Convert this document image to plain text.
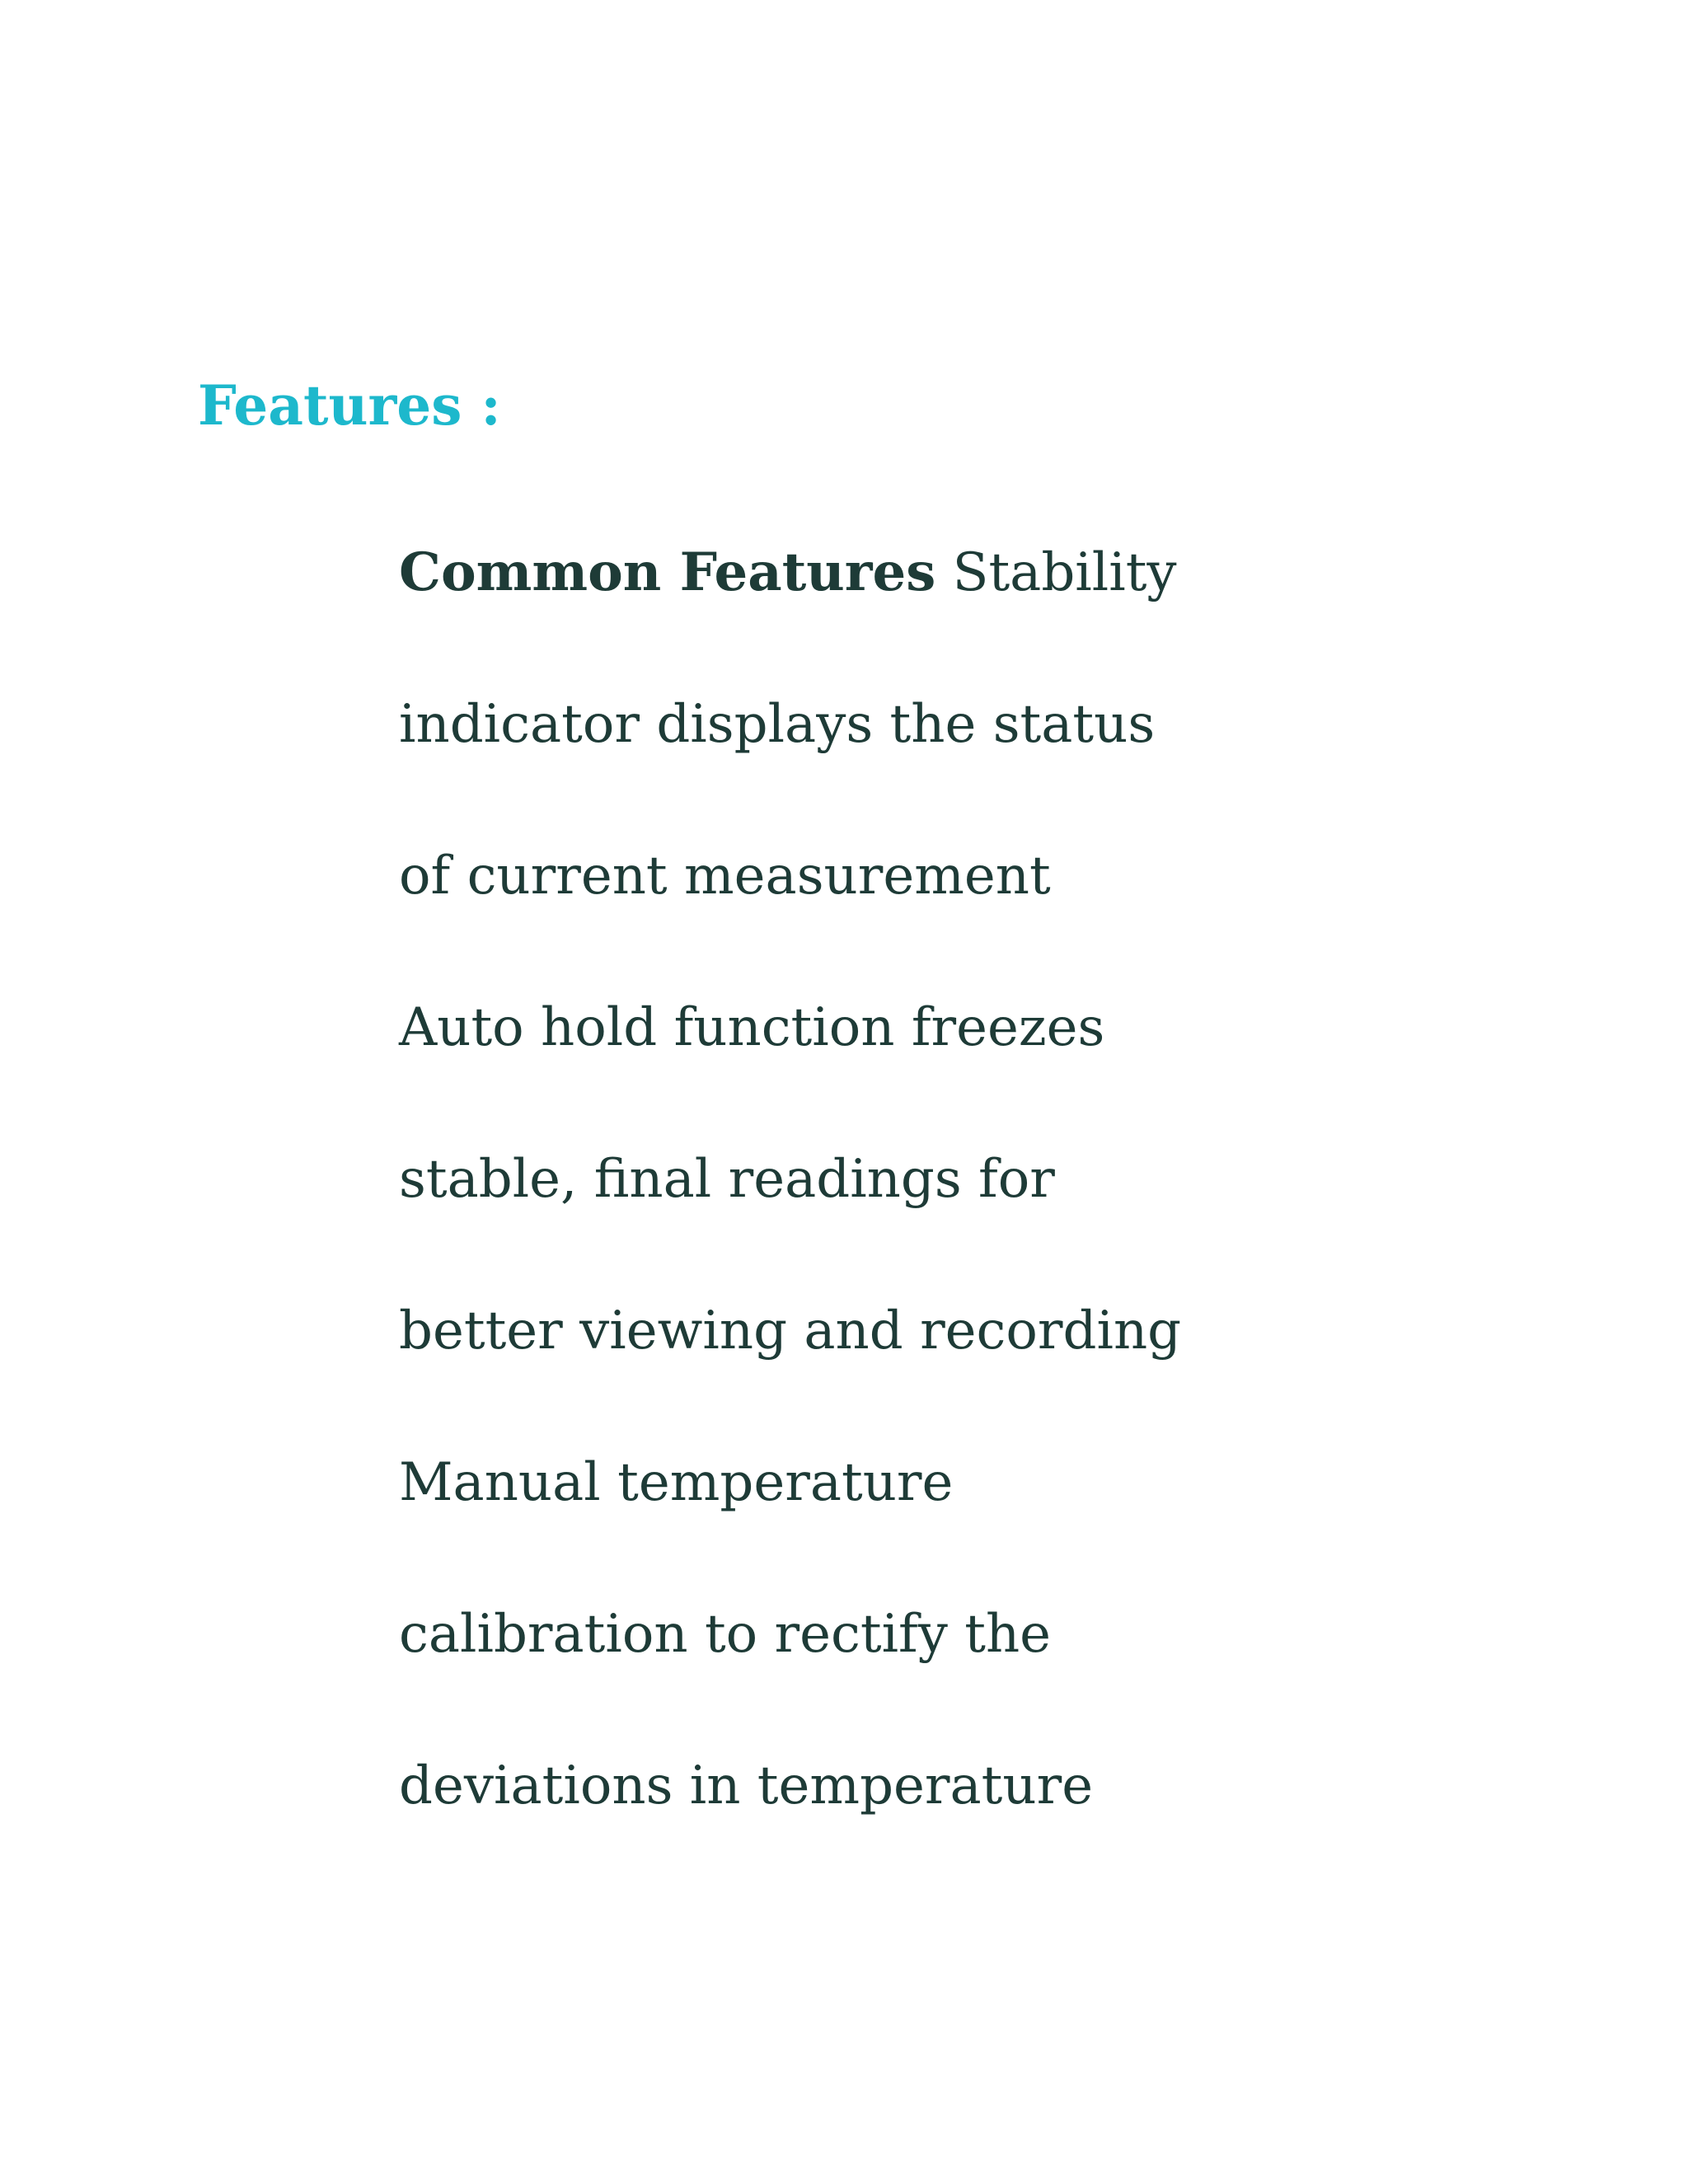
Features :

Common Features Stability

indicator displays the status

of current measurement

Auto hold function freezes

stable, final readings for

better viewing and recording

Manual temperature

calibration to rectify the

deviations in temperature
